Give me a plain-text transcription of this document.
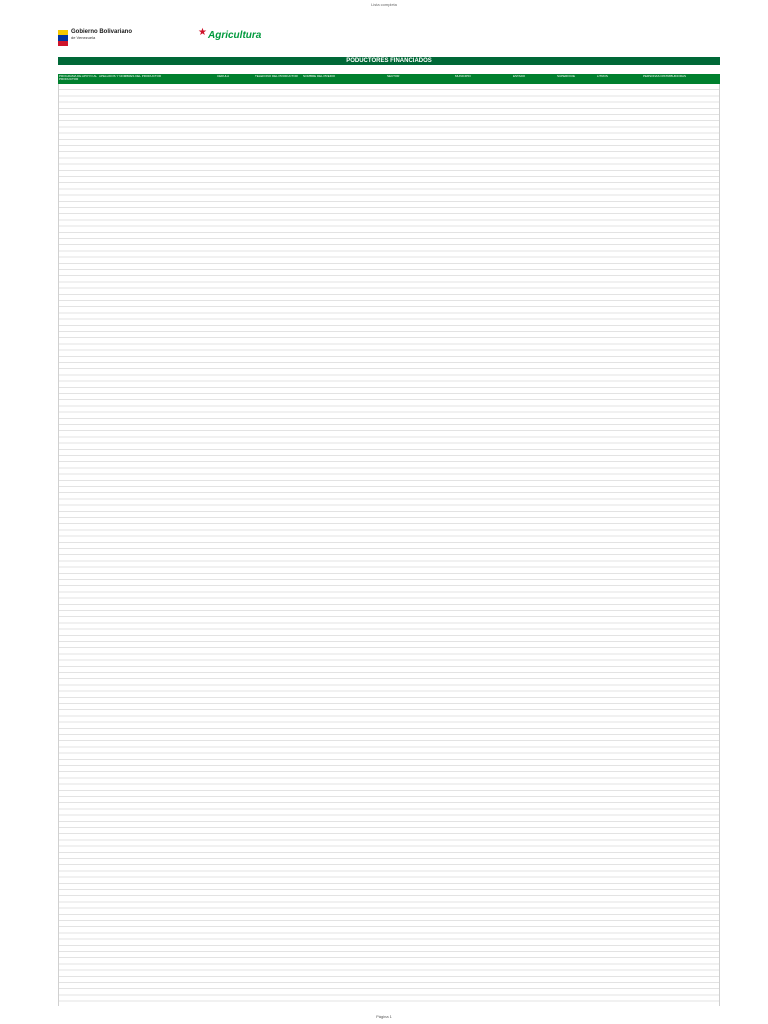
Lista completa
Gobierno Bolivariano
de Venezuela	★ Agricultura
PODUCTORES FINANCIADOS
PROGRAMA DE APOYO AL PRODUCTOR
APELLIDOS Y NOMBRES DEL PRODUCTOR	CEDULA	TELEFONO DEL PRODUCTOR	NOMBRE DEL PREDIO	SECTOR	MUNICIPIO	ESTADO	SUPERFICIE	LITROS	PERSONAS DISTRIBUIDORAS
Página 1
